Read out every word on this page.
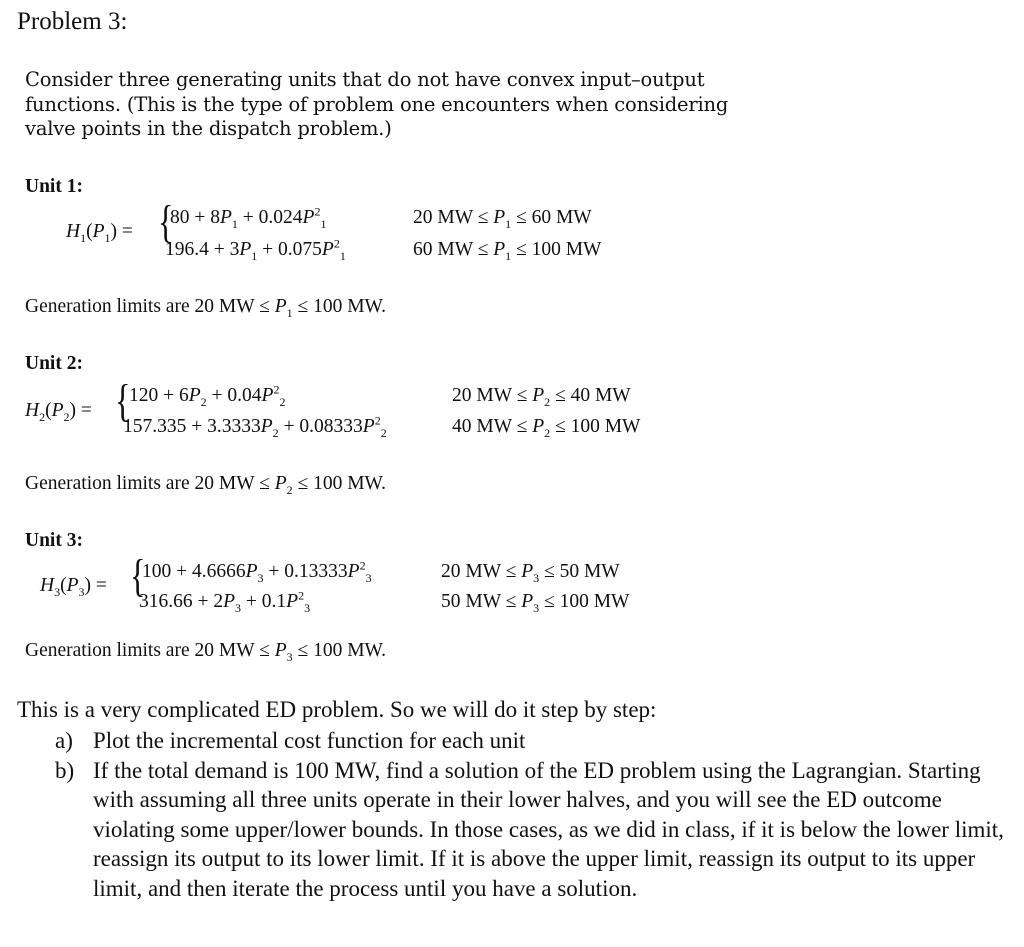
Problem 3:
Consider three generating units that do not have convex input–output
functions. (This is the type of problem one encounters when considering
valve points in the dispatch problem.)
Unit 1:
$H_1(P_1)$ = {
$80 + 8P_1 + 0.024P^2_1$
$196.4 + 3P_1 + 0.075P^2_1$
20 MW ≤ $P_1 \le 60$ MW
60 MW ≤ $P_1 \le 100$ MW
Generation limits are 20 MW ≤ $P_1 \le 100$ MW.
Unit 2:
$H_2(P_2)$ = {
$120 + 6P_2 + 0.04P^2_2$
$157.335 + 3.3333P_2 + 0.08333P^2_2$
20 MW ≤ $P_2 \le 40$ MW
40 MW ≤ $P_2 \le 100$ MW
Generation limits are 20 MW ≤ $P_2 \le 100$ MW.
Unit 3:
$H_3(P_3)$ = {
$100 + 4.6666P_3 + 0.13333P^2_3$
$316.66 + 2P_3 + 0.1P^2_3$
20 MW ≤ $P_3 \le 50$ MW
50 MW ≤ $P_3 \le 100$ MW
Generation limits are 20 MW ≤ $P_3 \le 100$ MW.
This is a very complicated ED problem. So we will do it step by step:
a) Plot the incremental cost function for each unit
b) If the total demand is 100 MW, find a solution of the ED problem using the Lagrangian. Starting with assuming all three units operate in their lower halves, and you will see the ED outcome violating some upper/lower bounds. In those cases, as we did in class, if it is below the lower limit, reassign its output to its lower limit. If it is above the upper limit, reassign its output to its upper limit, and then iterate the process until you have a solution.
